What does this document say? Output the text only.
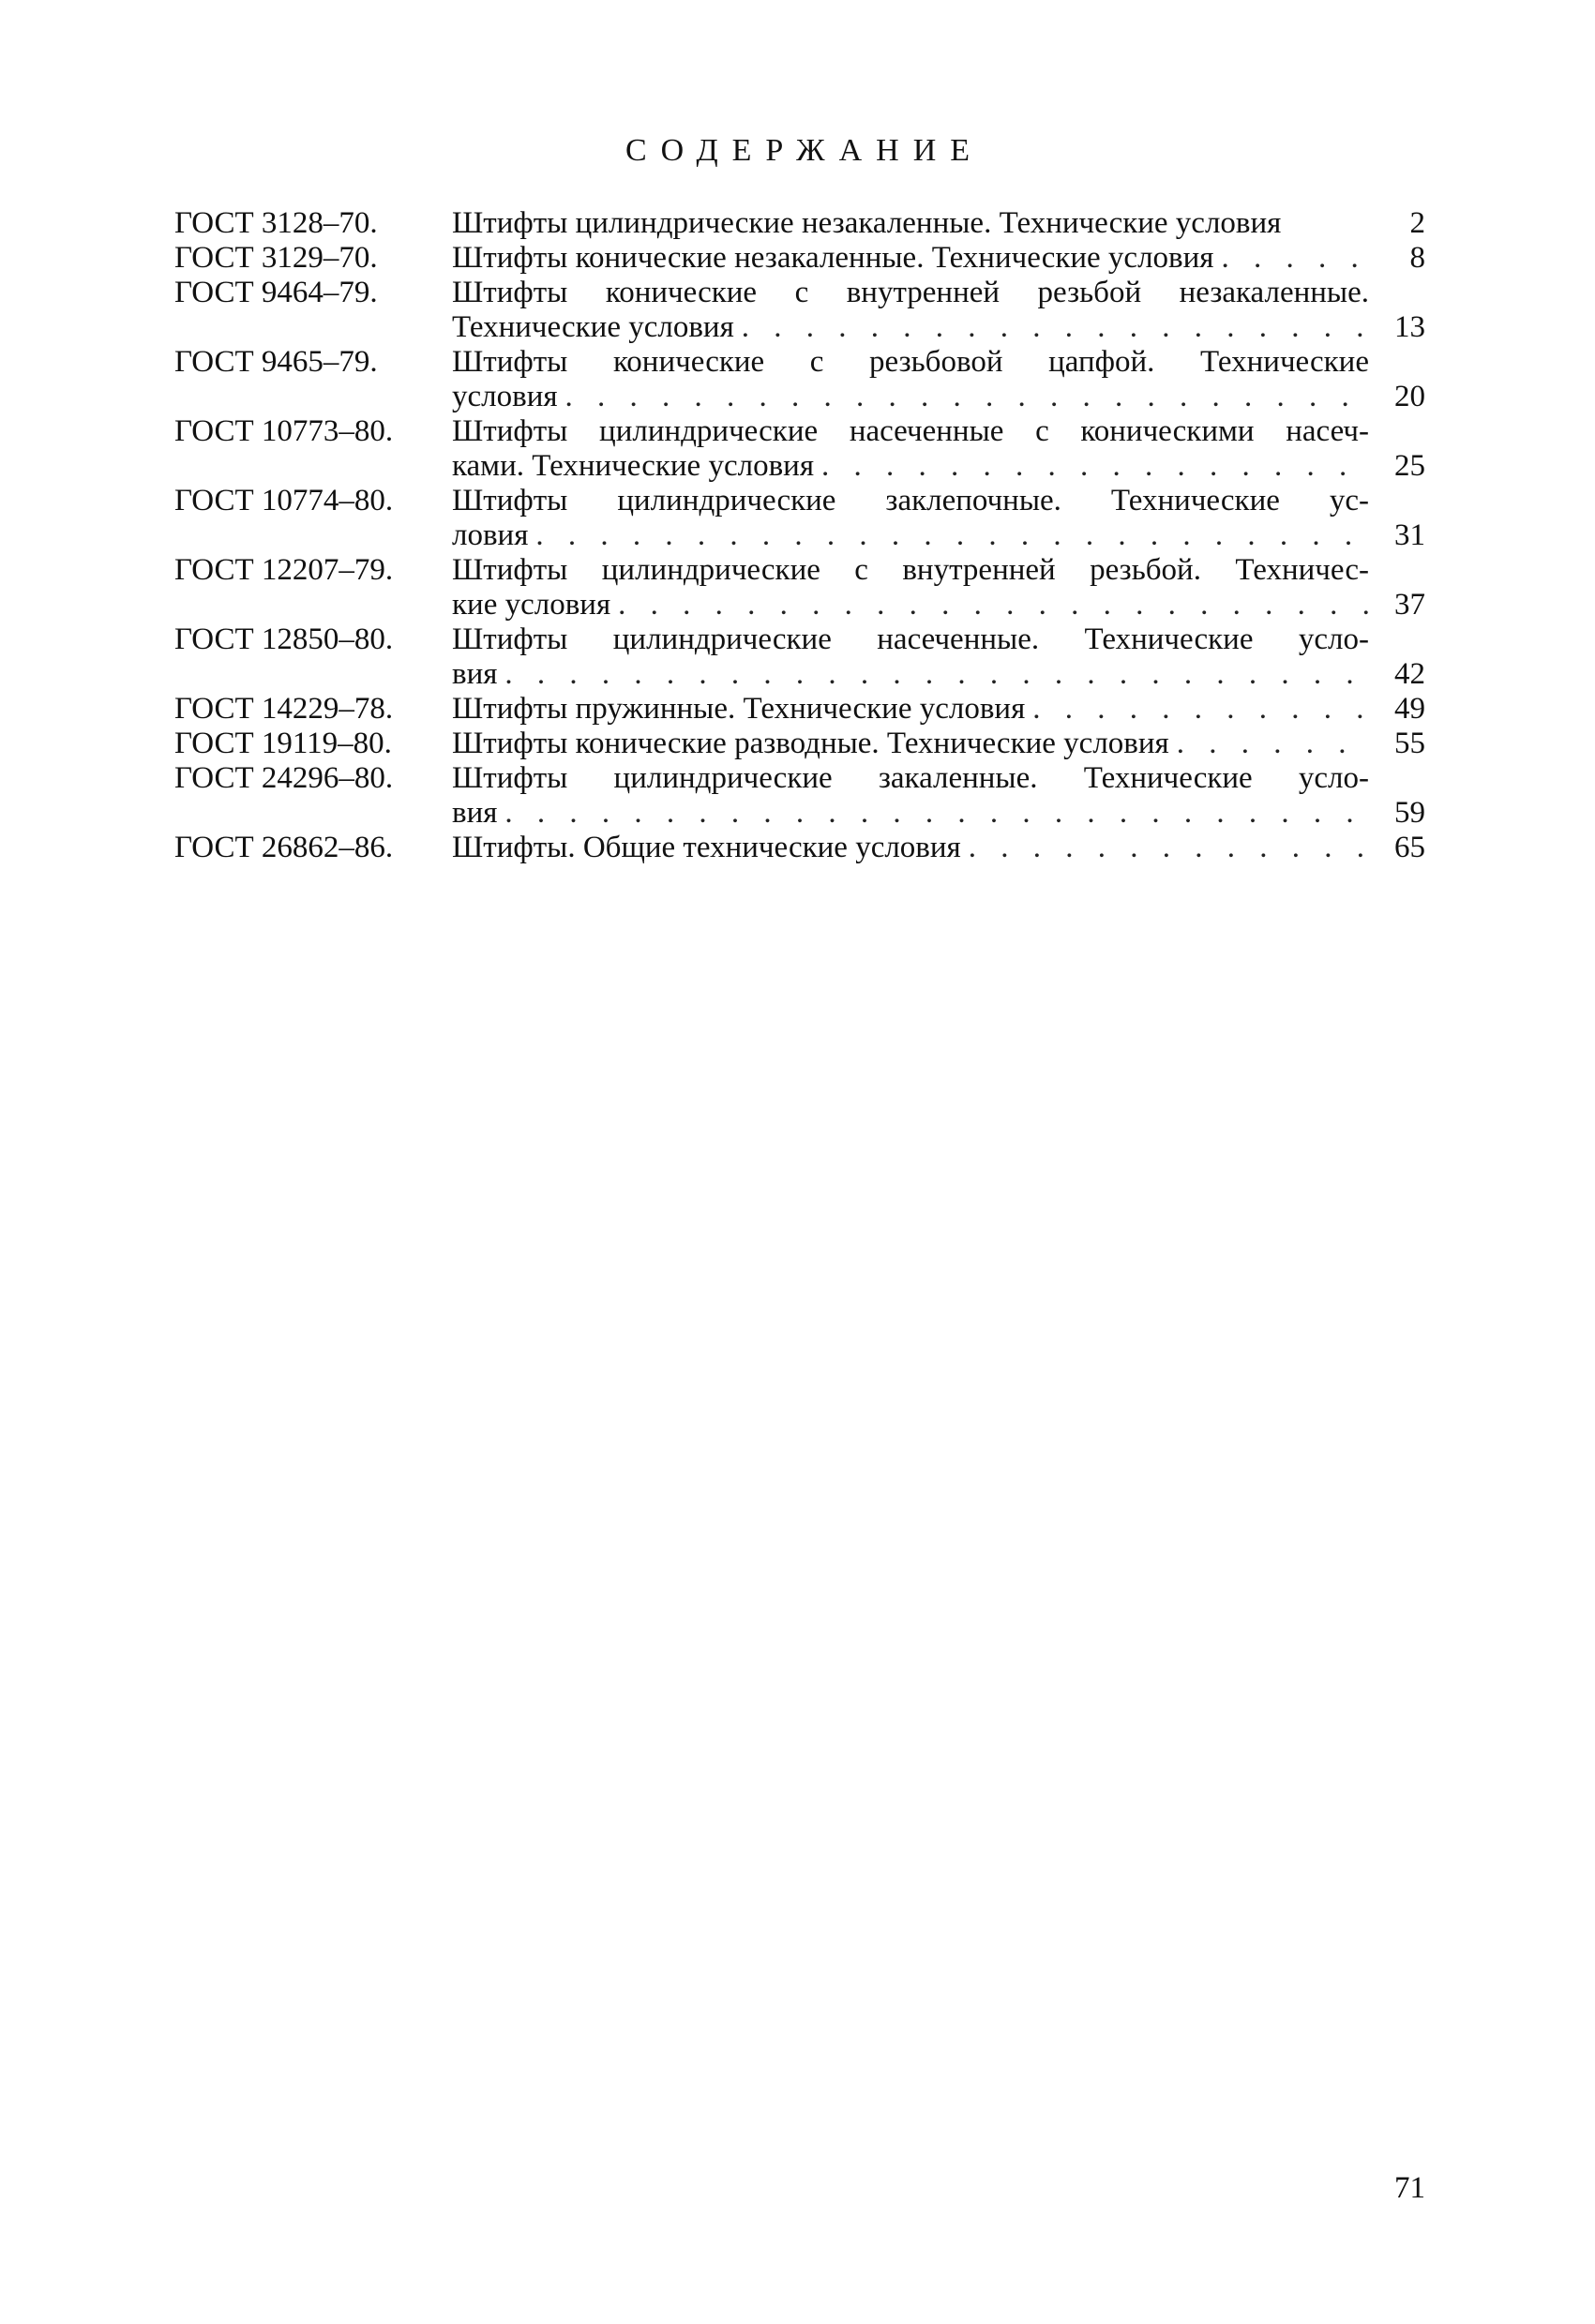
СОДЕРЖАНИЕ
ГОСТ 3128–70.	Штифты цилиндрические незакаленные. Технические условия	2
ГОСТ 3129–70.	Штифты конические незакаленные. Технические условия . . .	8
ГОСТ 9464–79.	Штифты конические с внутренней резьбой незакаленные.
Технические условия . . .	13
ГОСТ 9465–79.	Штифты конические с резьбовой цапфой. Технические
условия . . .	20
ГОСТ 10773–80.	Штифты цилиндрические насеченные с коническими насеч-
ками. Технические условия . . .	25
ГОСТ 10774–80.	Штифты цилиндрические заклепочные. Технические ус-
ловия . . .	31
ГОСТ 12207–79.	Штифты цилиндрические с внутренней резьбой. Техничес-
кие условия . . .	37
ГОСТ 12850–80.	Штифты цилиндрические насеченные. Технические усло-
вия . . .	42
ГОСТ 14229–78.	Штифты пружинные. Технические условия . . .	49
ГОСТ 19119–80.	Штифты конические разводные. Технические условия . . .	55
ГОСТ 24296–80.	Штифты цилиндрические закаленные. Технические усло-
вия . . .	59
ГОСТ 26862–86.	Штифты. Общие технические условия . . .	65
71
